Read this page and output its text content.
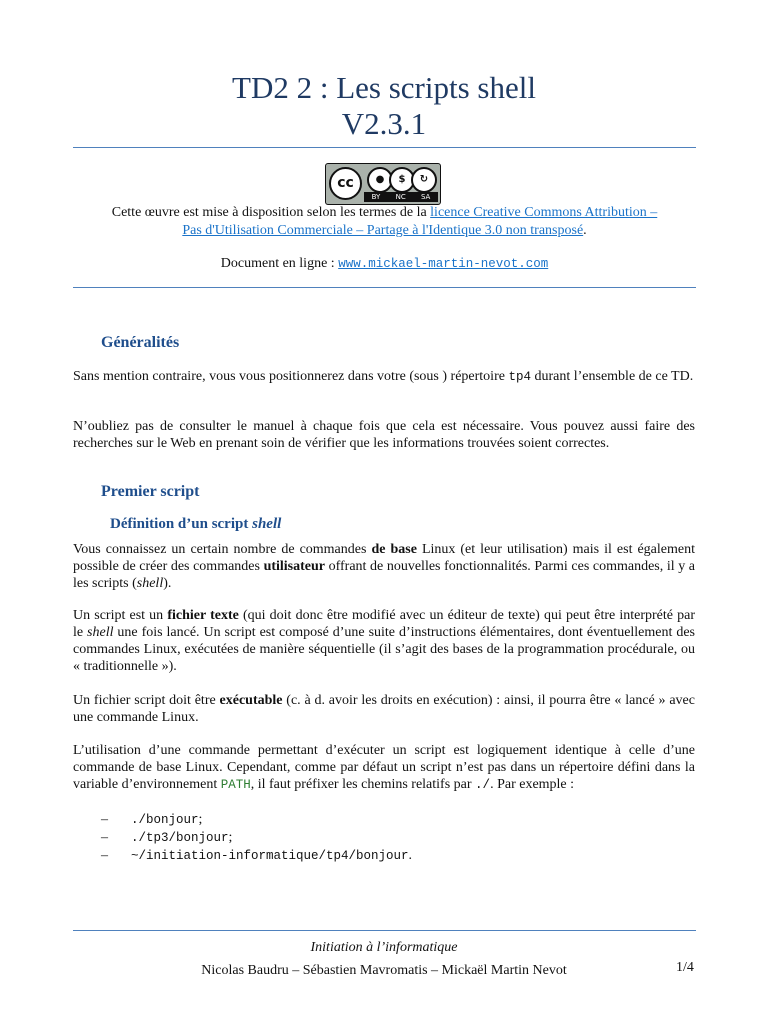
TD2 2 : Les scripts shell
V2.3.1
cc	●	$	↻
BY NC SA
Cette œuvre est mise à disposition selon les termes de la licence Creative Commons Attribution –
Pas d'Utilisation Commerciale – Partage à l'Identique 3.0 non transposé.
Document en ligne : www.mickael-martin-nevot.com
Généralités

Sans mention contraire, vous vous positionnerez dans votre (sous ) répertoire tp4 durant l’ensemble de ce TD.

N’oubliez pas de consulter le manuel à chaque fois que cela est nécessaire. Vous pouvez aussi faire des recherches sur le Web en prenant soin de vérifier que les informations trouvées soient correctes.

Premier script
Définition d’un script shell

Vous connaissez un certain nombre de commandes de base Linux (et leur utilisation) mais il est également possible de créer des commandes utilisateur offrant de nouvelles fonctionnalités. Parmi ces commandes, il y a les scripts (shell).

Un script est un fichier texte (qui doit donc être modifié avec un éditeur de texte) qui peut être interprété par le shell une fois lancé. Un script est composé d’une suite d’instructions élémentaires, dont éventuellement des commandes Linux, exécutées de manière séquentielle (il s’agit des bases de la programmation procédurale, ou « traditionnelle »).

Un fichier script doit être exécutable (c. à d. avoir les droits en exécution) : ainsi, il pourra être « lancé » avec une commande Linux.

L’utilisation d’une commande permettant d’exécuter un script est logiquement identique à celle d’une commande de base Linux. Cependant, comme par défaut un script n’est pas dans un répertoire défini dans la variable d’environnement PATH, il faut préfixer les chemins relatifs par ./. Par exemple :

–	./bonjour ;
–	./tp3/bonjour ;
–	~/initiation-informatique/tp4/bonjour .
Initiation à l’informatique
Nicolas Baudru – Sébastien Mavromatis – Mickaël Martin Nevot	1/4
